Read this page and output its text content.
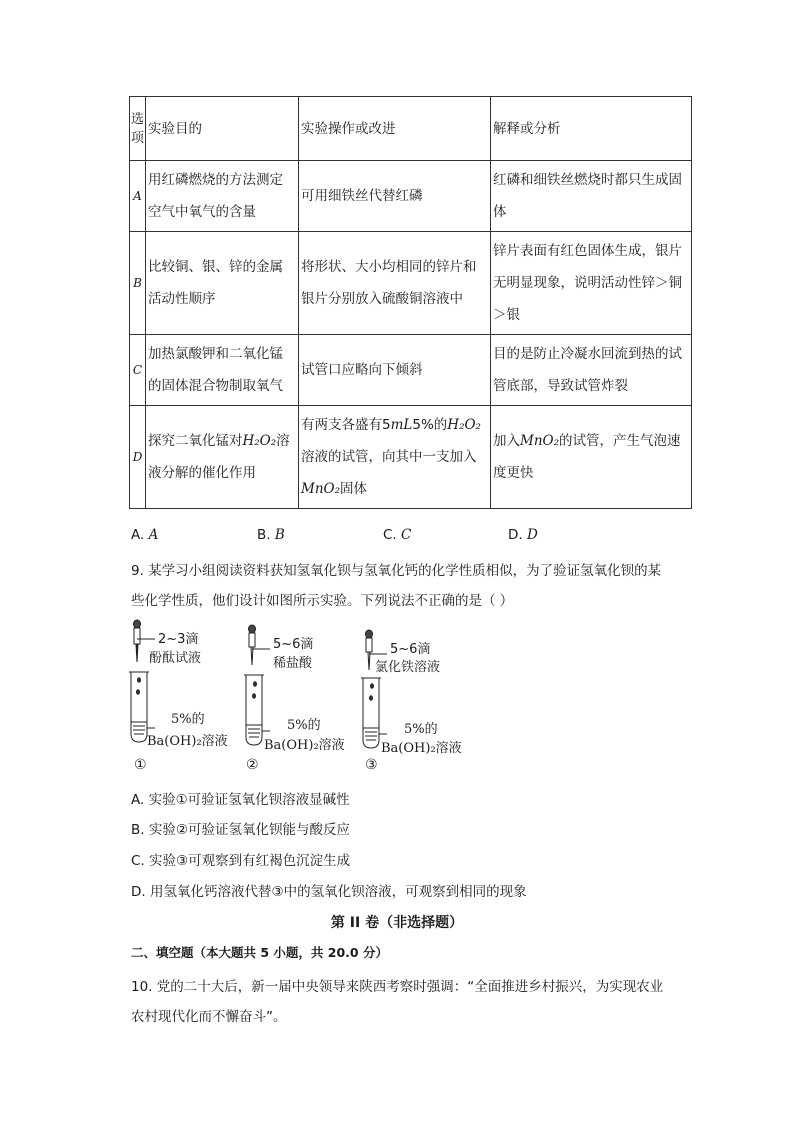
选项	实验目的	实验操作或改进	解释或分析
A	用红磷燃烧的方法测定空气中氧气的含量	可用细铁丝代替红磷	红磷和细铁丝燃烧时都只生成固体
B	比较铜、银、锌的金属活动性顺序	将形状、大小均相同的锌片和银片分别放入硫酸铜溶液中	锌片表面有红色固体生成，银片无明显现象，说明活动性锌＞铜＞银
C	加热氯酸钾和二氧化锰的固体混合物制取氧气	试管口应略向下倾斜	目的是防止冷凝水回流到热的试管底部，导致试管炸裂
D	探究二氧化锰对H₂O₂溶液分解的催化作用	有两支各盛有5mL5%的H₂O₂溶液的试管，向其中一支加入MnO₂固体	加入MnO₂的试管，产生气泡速度更快
A. A	B. B	C. C	D. D
9. 某学习小组阅读资料获知氢氧化钡与氢氧化钙的化学性质相似，为了验证氢氧化钡的某
些化学性质，他们设计如图所示实验。下列说法不正确的是（ ）
2~3滴
酚酞试液
5%的
Ba(OH)₂溶液
①
5~6滴
稀盐酸
5%的
Ba(OH)₂溶液
②
5~6滴
氯化铁溶液
5%的
Ba(OH)₂溶液
③
A. 实验①可验证氢氧化钡溶液显碱性
B. 实验②可验证氢氧化钡能与酸反应
C. 实验③可观察到有红褐色沉淀生成
D. 用氢氧化钙溶液代替③中的氢氧化钡溶液，可观察到相同的现象
第 II 卷（非选择题）
二、填空题（本大题共 5 小题，共 20.0 分）
10. 党的二十大后，新一届中央领导来陕西考察时强调：“全面推进乡村振兴，为实现农业
农村现代化而不懈奋斗”。
